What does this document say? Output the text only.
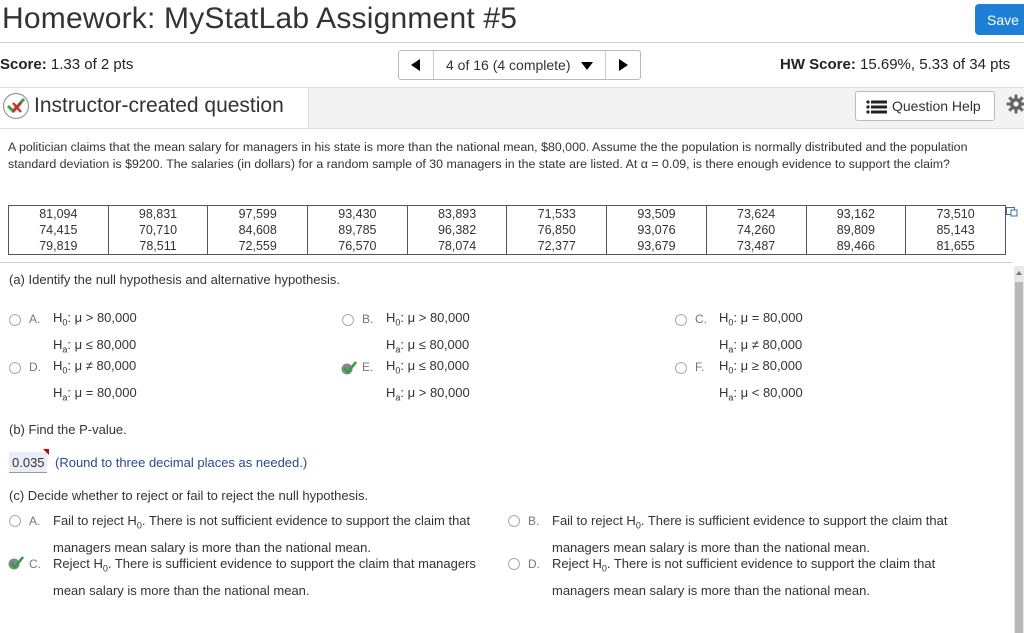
Homework: MyStatLab Assignment #5	Save
Score: 1.33 of 2 pts	4 of 16 (4 complete)	HW Score: 15.69%, 5.33 of 34 pts
Instructor-created question	Question Help
A politician claims that the mean salary for managers in his state is more than the national mean, $80,000. Assume the the population is normally distributed and the population standard deviation is $9200. The salaries (in dollars) for a random sample of 30 managers in the state are listed. At α = 0.09, is there enough evidence to support the claim?
81,094	98,831	97,599	93,430	83,893	71,533	93,509	73,624	93,162	73,510
74,415	70,710	84,608	89,785	96,382	76,850	93,076	74,260	89,809	85,143
79,819	78,511	72,559	76,570	78,074	72,377	93,679	73,487	89,466	81,655
(a) Identify the null hypothesis and alternative hypothesis.
A. $H_0$: μ > 80,000
$H_a$: μ ≤ 80,000
B. $H_0$: μ > 80,000
$H_a$: μ ≤ 80,000
C. $H_0$: μ = 80,000
$H_a$: μ ≠ 80,000
D. $H_0$: μ ≠ 80,000
$H_a$: μ = 80,000
E. $H_0$: μ ≤ 80,000
$H_a$: μ > 80,000
F. $H_0$: μ ≥ 80,000
$H_a$: μ < 80,000
(b) Find the P-value.
0.035 (Round to three decimal places as needed.)
(c) Decide whether to reject or fail to reject the null hypothesis.
A. Fail to reject $H_0$. There is not sufficient evidence to support the claim that
managers mean salary is more than the national mean.
B. Fail to reject $H_0$. There is sufficient evidence to support the claim that
managers mean salary is more than the national mean.
C. Reject $H_0$. There is sufficient evidence to support the claim that managers
mean salary is more than the national mean.
D. Reject $H_0$. There is not sufficient evidence to support the claim that
managers mean salary is more than the national mean.
